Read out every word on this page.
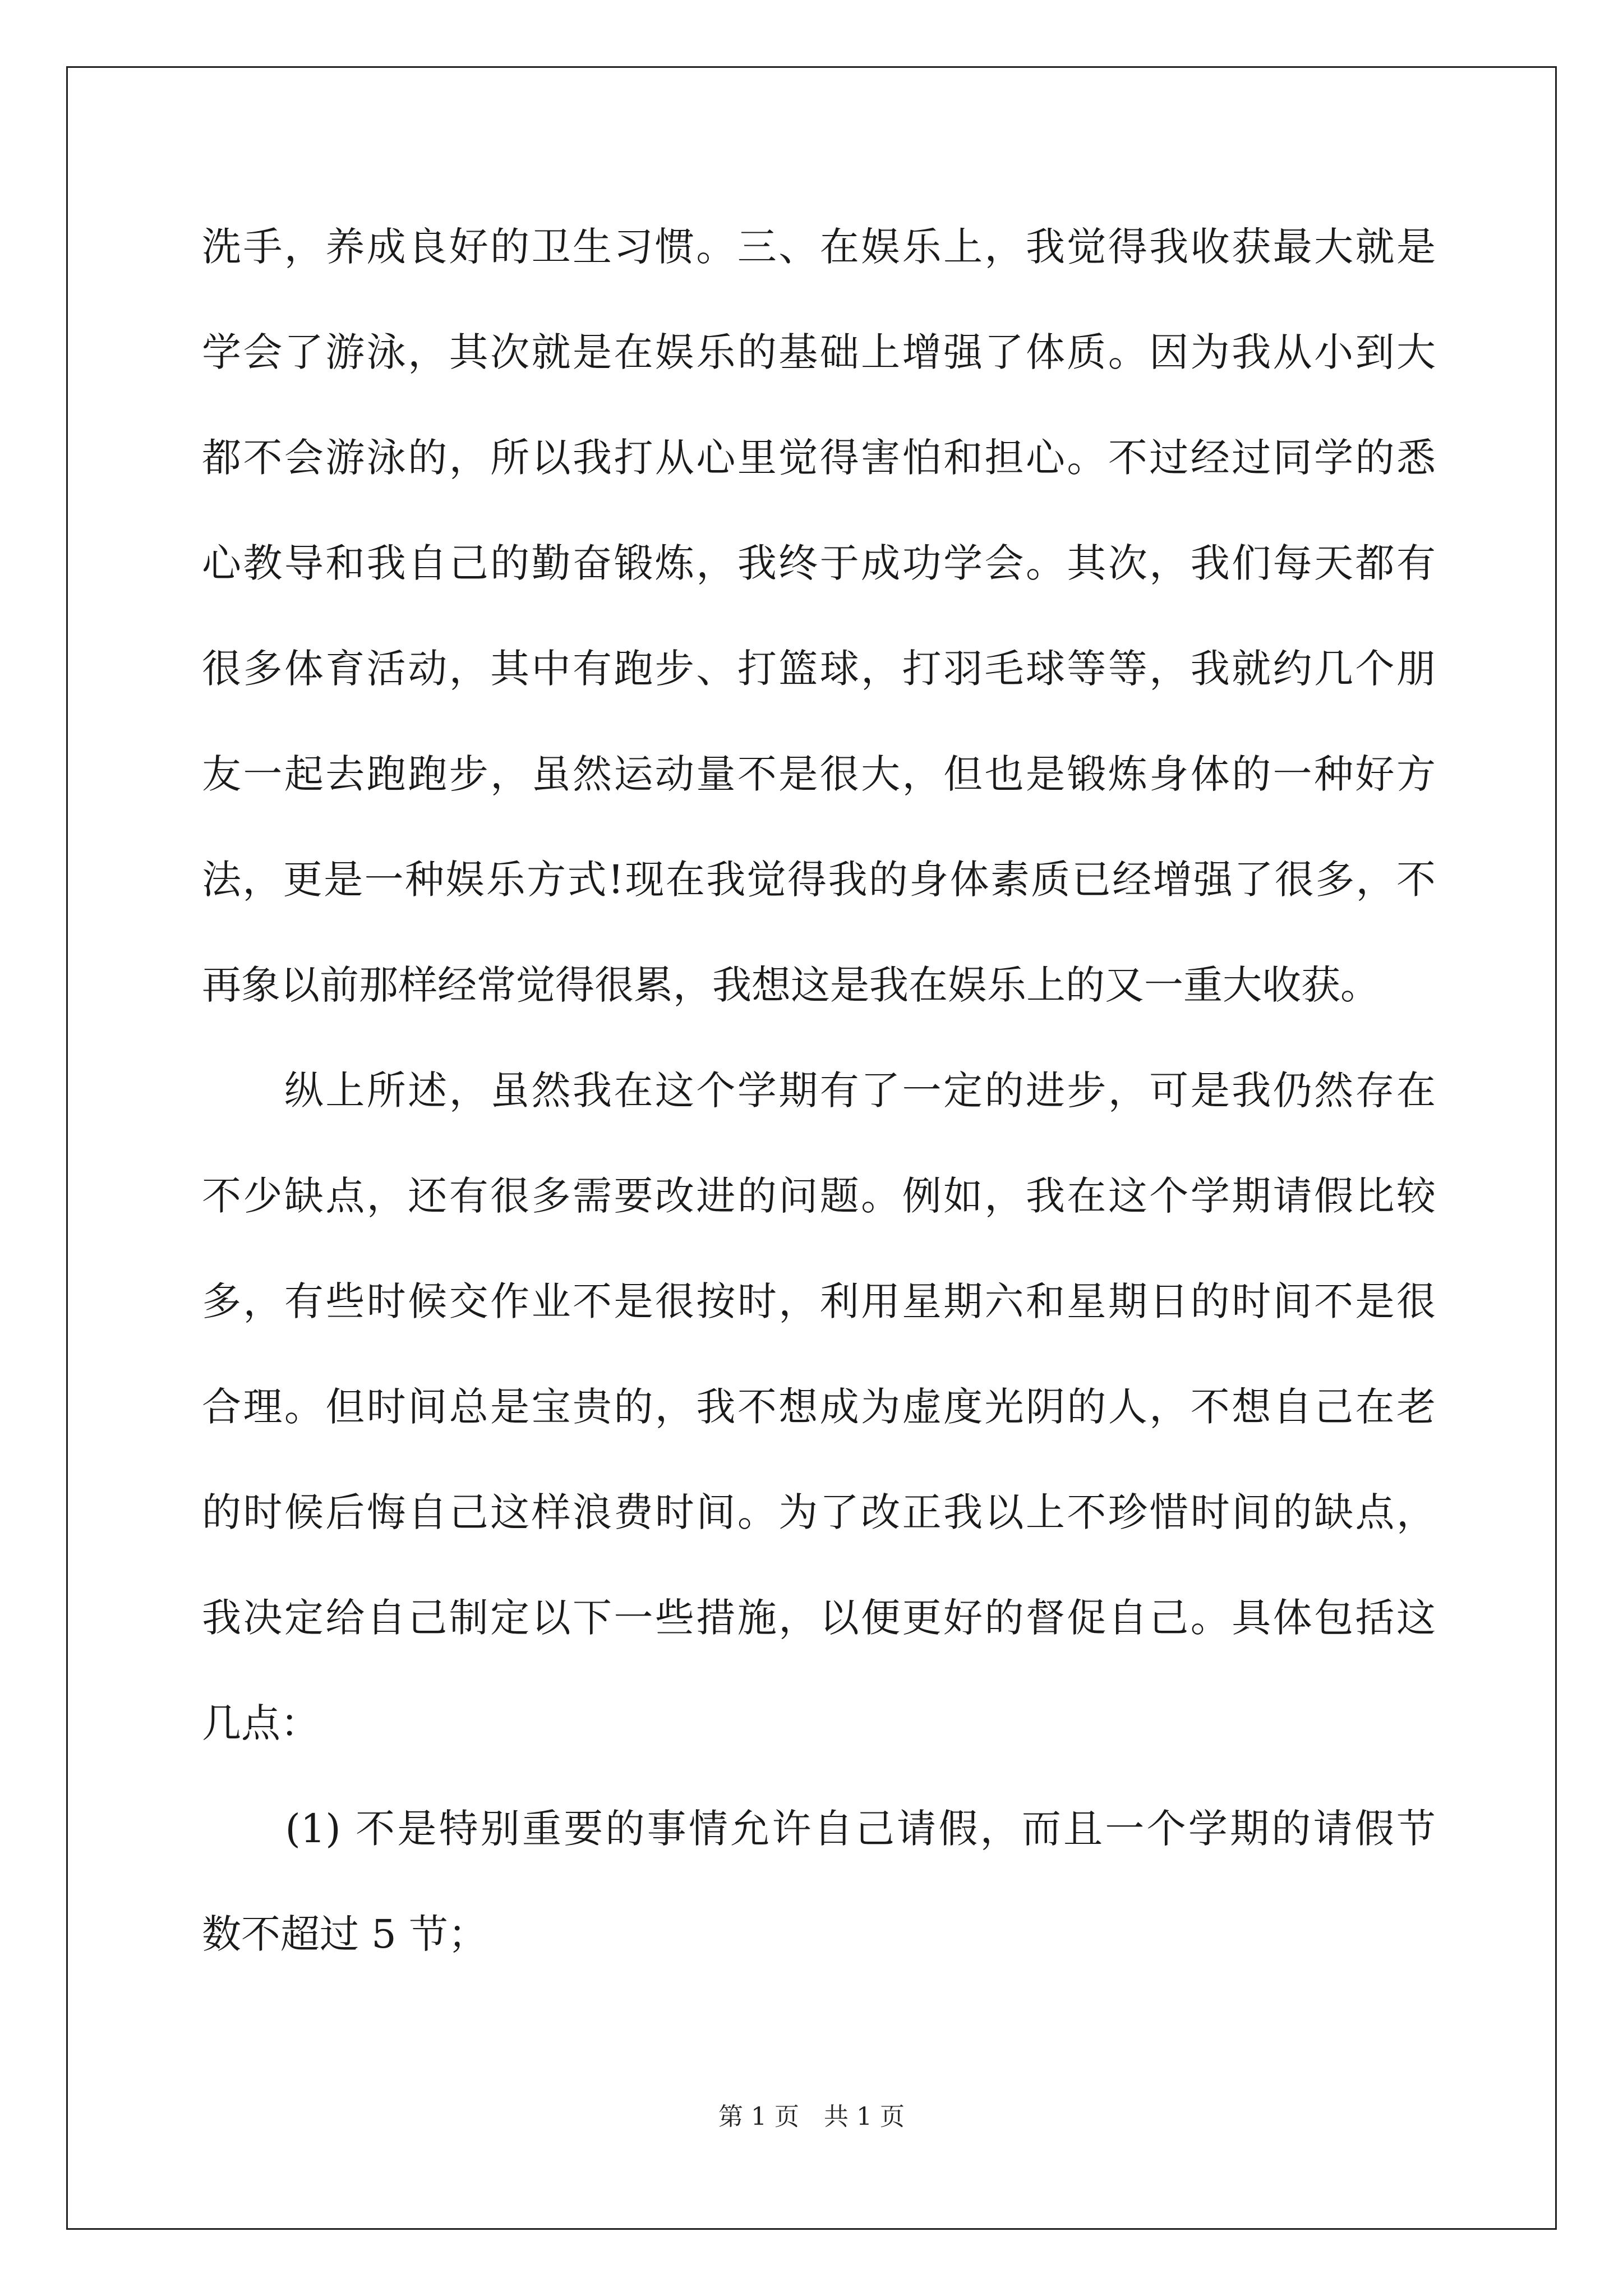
洗手，养成良好的卫生习惯。三、在娱乐上，我觉得我收获最大就是
学会了游泳，其次就是在娱乐的基础上增强了体质。因为我从小到大
都不会游泳的，所以我打从心里觉得害怕和担心。不过经过同学的悉
心教导和我自己的勤奋锻炼，我终于成功学会。其次，我们每天都有
很多体育活动，其中有跑步、打篮球，打羽毛球等等，我就约几个朋
友一起去跑跑步，虽然运动量不是很大，但也是锻炼身体的一种好方
法，更是一种娱乐方式!现在我觉得我的身体素质已经增强了很多，不
再象以前那样经常觉得很累，我想这是我在娱乐上的又一重大收获。
　　纵上所述，虽然我在这个学期有了一定的进步，可是我仍然存在
不少缺点，还有很多需要改进的问题。例如，我在这个学期请假比较
多，有些时候交作业不是很按时，利用星期六和星期日的时间不是很
合理。但时间总是宝贵的，我不想成为虚度光阴的人，不想自己在老
的时候后悔自己这样浪费时间。为了改正我以上不珍惜时间的缺点，
我决定给自己制定以下一些措施，以便更好的督促自己。具体包括这
几点：
　　(1) 不是特别重要的事情允许自己请假，而且一个学期的请假节
数不超过 5 节；
第 1 页　共 1 页
